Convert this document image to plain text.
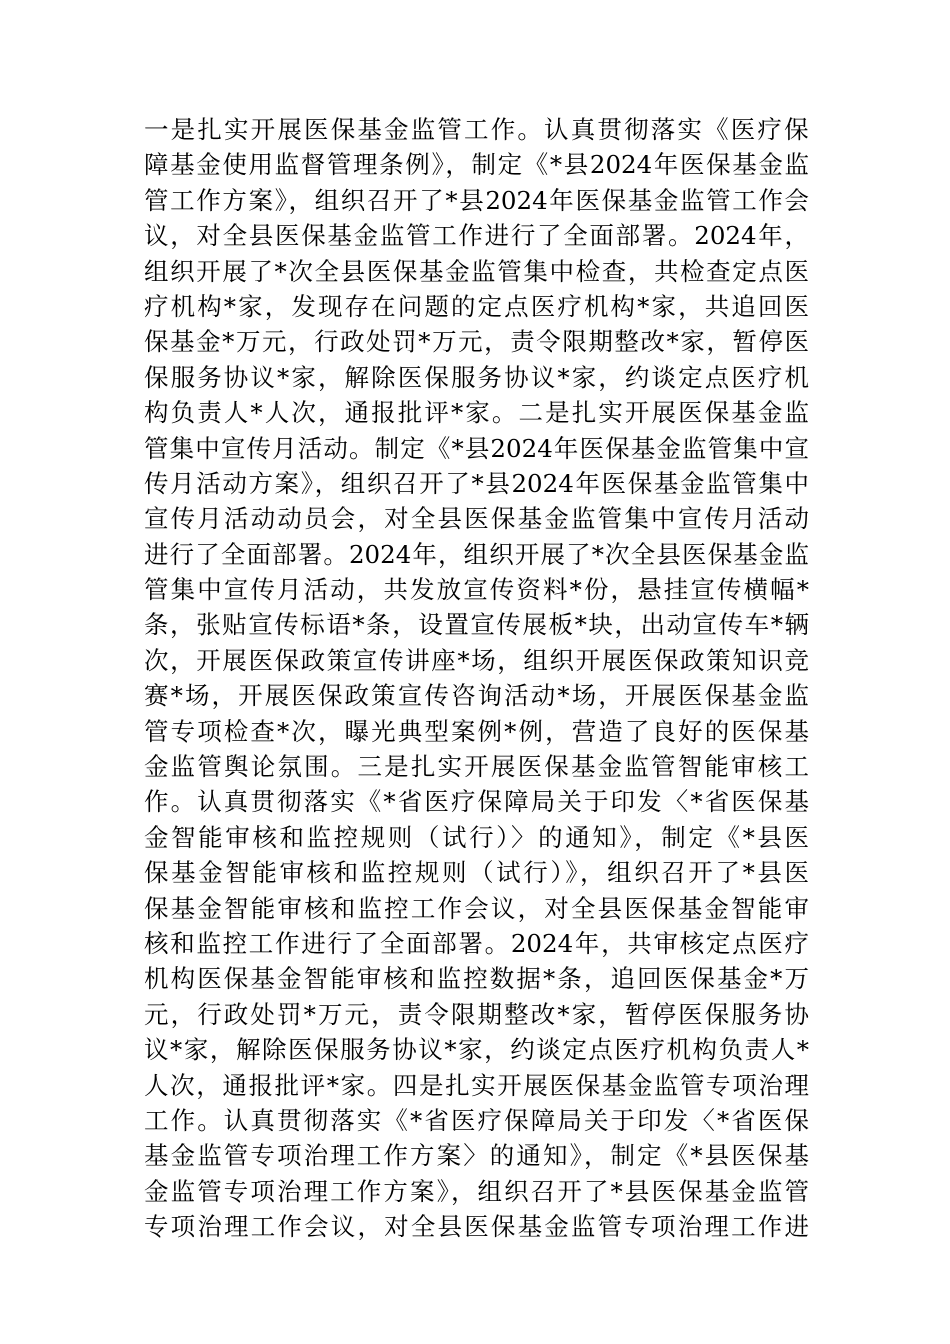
一是扎实开展医保基金监管工作。认真贯彻落实《医疗保
障基金使用监督管理条例》，制定《*县2024年医保基金监
管工作方案》，组织召开了*县2024年医保基金监管工作会
议，对全县医保基金监管工作进行了全面部署。2024年，
组织开展了*次全县医保基金监管集中检查，共检查定点医
疗机构*家，发现存在问题的定点医疗机构*家，共追回医
保基金*万元，行政处罚*万元，责令限期整改*家，暂停医
保服务协议*家，解除医保服务协议*家，约谈定点医疗机
构负责人*人次，通报批评*家。二是扎实开展医保基金监
管集中宣传月活动。制定《*县2024年医保基金监管集中宣
传月活动方案》，组织召开了*县2024年医保基金监管集中
宣传月活动动员会，对全县医保基金监管集中宣传月活动
进行了全面部署。2024年，组织开展了*次全县医保基金监
管集中宣传月活动，共发放宣传资料*份，悬挂宣传横幅*
条，张贴宣传标语*条，设置宣传展板*块，出动宣传车*辆
次，开展医保政策宣传讲座*场，组织开展医保政策知识竞
赛*场，开展医保政策宣传咨询活动*场，开展医保基金监
管专项检查*次，曝光典型案例*例，营造了良好的医保基
金监管舆论氛围。三是扎实开展医保基金监管智能审核工
作。认真贯彻落实《*省医疗保障局关于印发〈*省医保基
金智能审核和监控规则（试行）〉的通知》，制定《*县医
保基金智能审核和监控规则（试行）》，组织召开了*县医
保基金智能审核和监控工作会议，对全县医保基金智能审
核和监控工作进行了全面部署。2024年，共审核定点医疗
机构医保基金智能审核和监控数据*条，追回医保基金*万
元，行政处罚*万元，责令限期整改*家，暂停医保服务协
议*家，解除医保服务协议*家，约谈定点医疗机构负责人*
人次，通报批评*家。四是扎实开展医保基金监管专项治理
工作。认真贯彻落实《*省医疗保障局关于印发〈*省医保
基金监管专项治理工作方案〉的通知》，制定《*县医保基
金监管专项治理工作方案》，组织召开了*县医保基金监管
专项治理工作会议，对全县医保基金监管专项治理工作进
